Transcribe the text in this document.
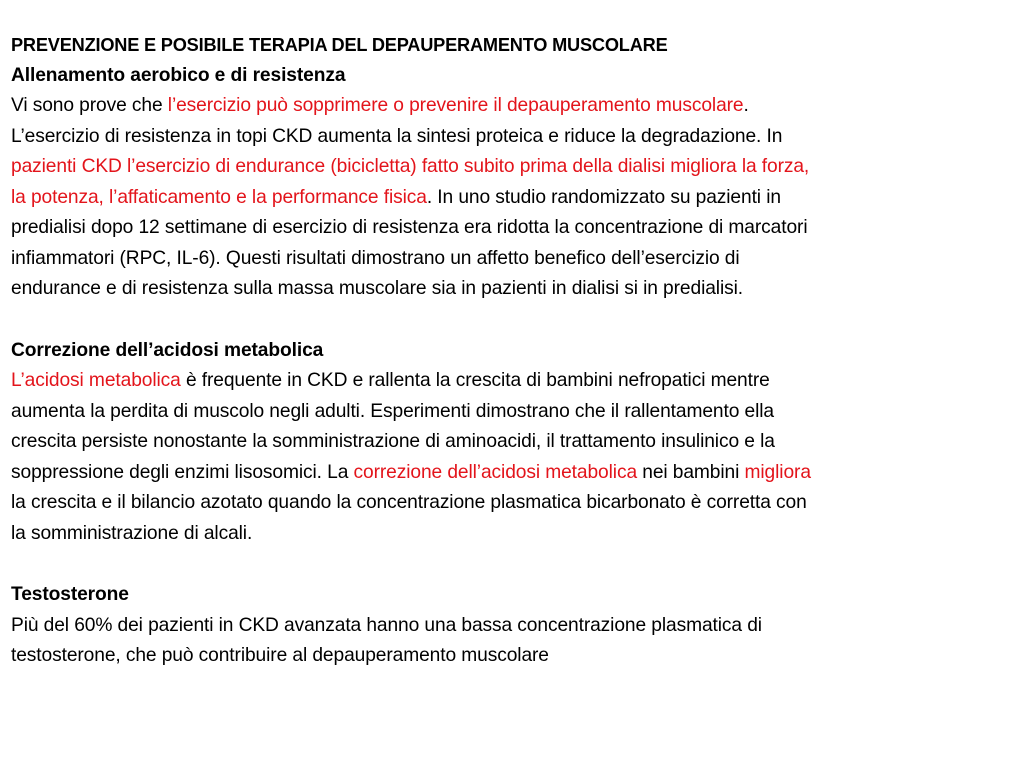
PREVENZIONE E POSIBILE TERAPIA DEL DEPAUPERAMENTO MUSCOLARE
Allenamento aerobico e di resistenza
Vi sono prove che l’esercizio può sopprimere o prevenire il depauperamento muscolare.
L’esercizio di resistenza in topi CKD aumenta la sintesi proteica e riduce la degradazione. In
pazienti CKD l’esercizio di endurance (bicicletta) fatto subito prima della dialisi migliora la forza,
la potenza, l’affaticamento e la performance fisica. In uno studio randomizzato su pazienti in
predialisi dopo 12 settimane di esercizio di resistenza era ridotta la concentrazione di marcatori
infiammatori (RPC, IL-6). Questi risultati dimostrano un affetto benefico dell’esercizio di
endurance e di resistenza sulla massa muscolare sia in pazienti in dialisi si in predialisi.
Correzione dell’acidosi metabolica
L’acidosi metabolica è frequente in CKD e rallenta la crescita di bambini nefropatici mentre
aumenta la perdita di muscolo negli adulti. Esperimenti dimostrano che il rallentamento ella
crescita persiste nonostante la somministrazione di aminoacidi, il trattamento insulinico e la
soppressione degli enzimi lisosomici. La correzione dell’acidosi metabolica nei bambini migliora
la crescita e il bilancio azotato quando la concentrazione plasmatica bicarbonato è corretta con
la somministrazione di alcali.
Testosterone
Più del 60% dei pazienti in CKD avanzata hanno una bassa concentrazione plasmatica di
testosterone, che può contribuire al depauperamento muscolare
